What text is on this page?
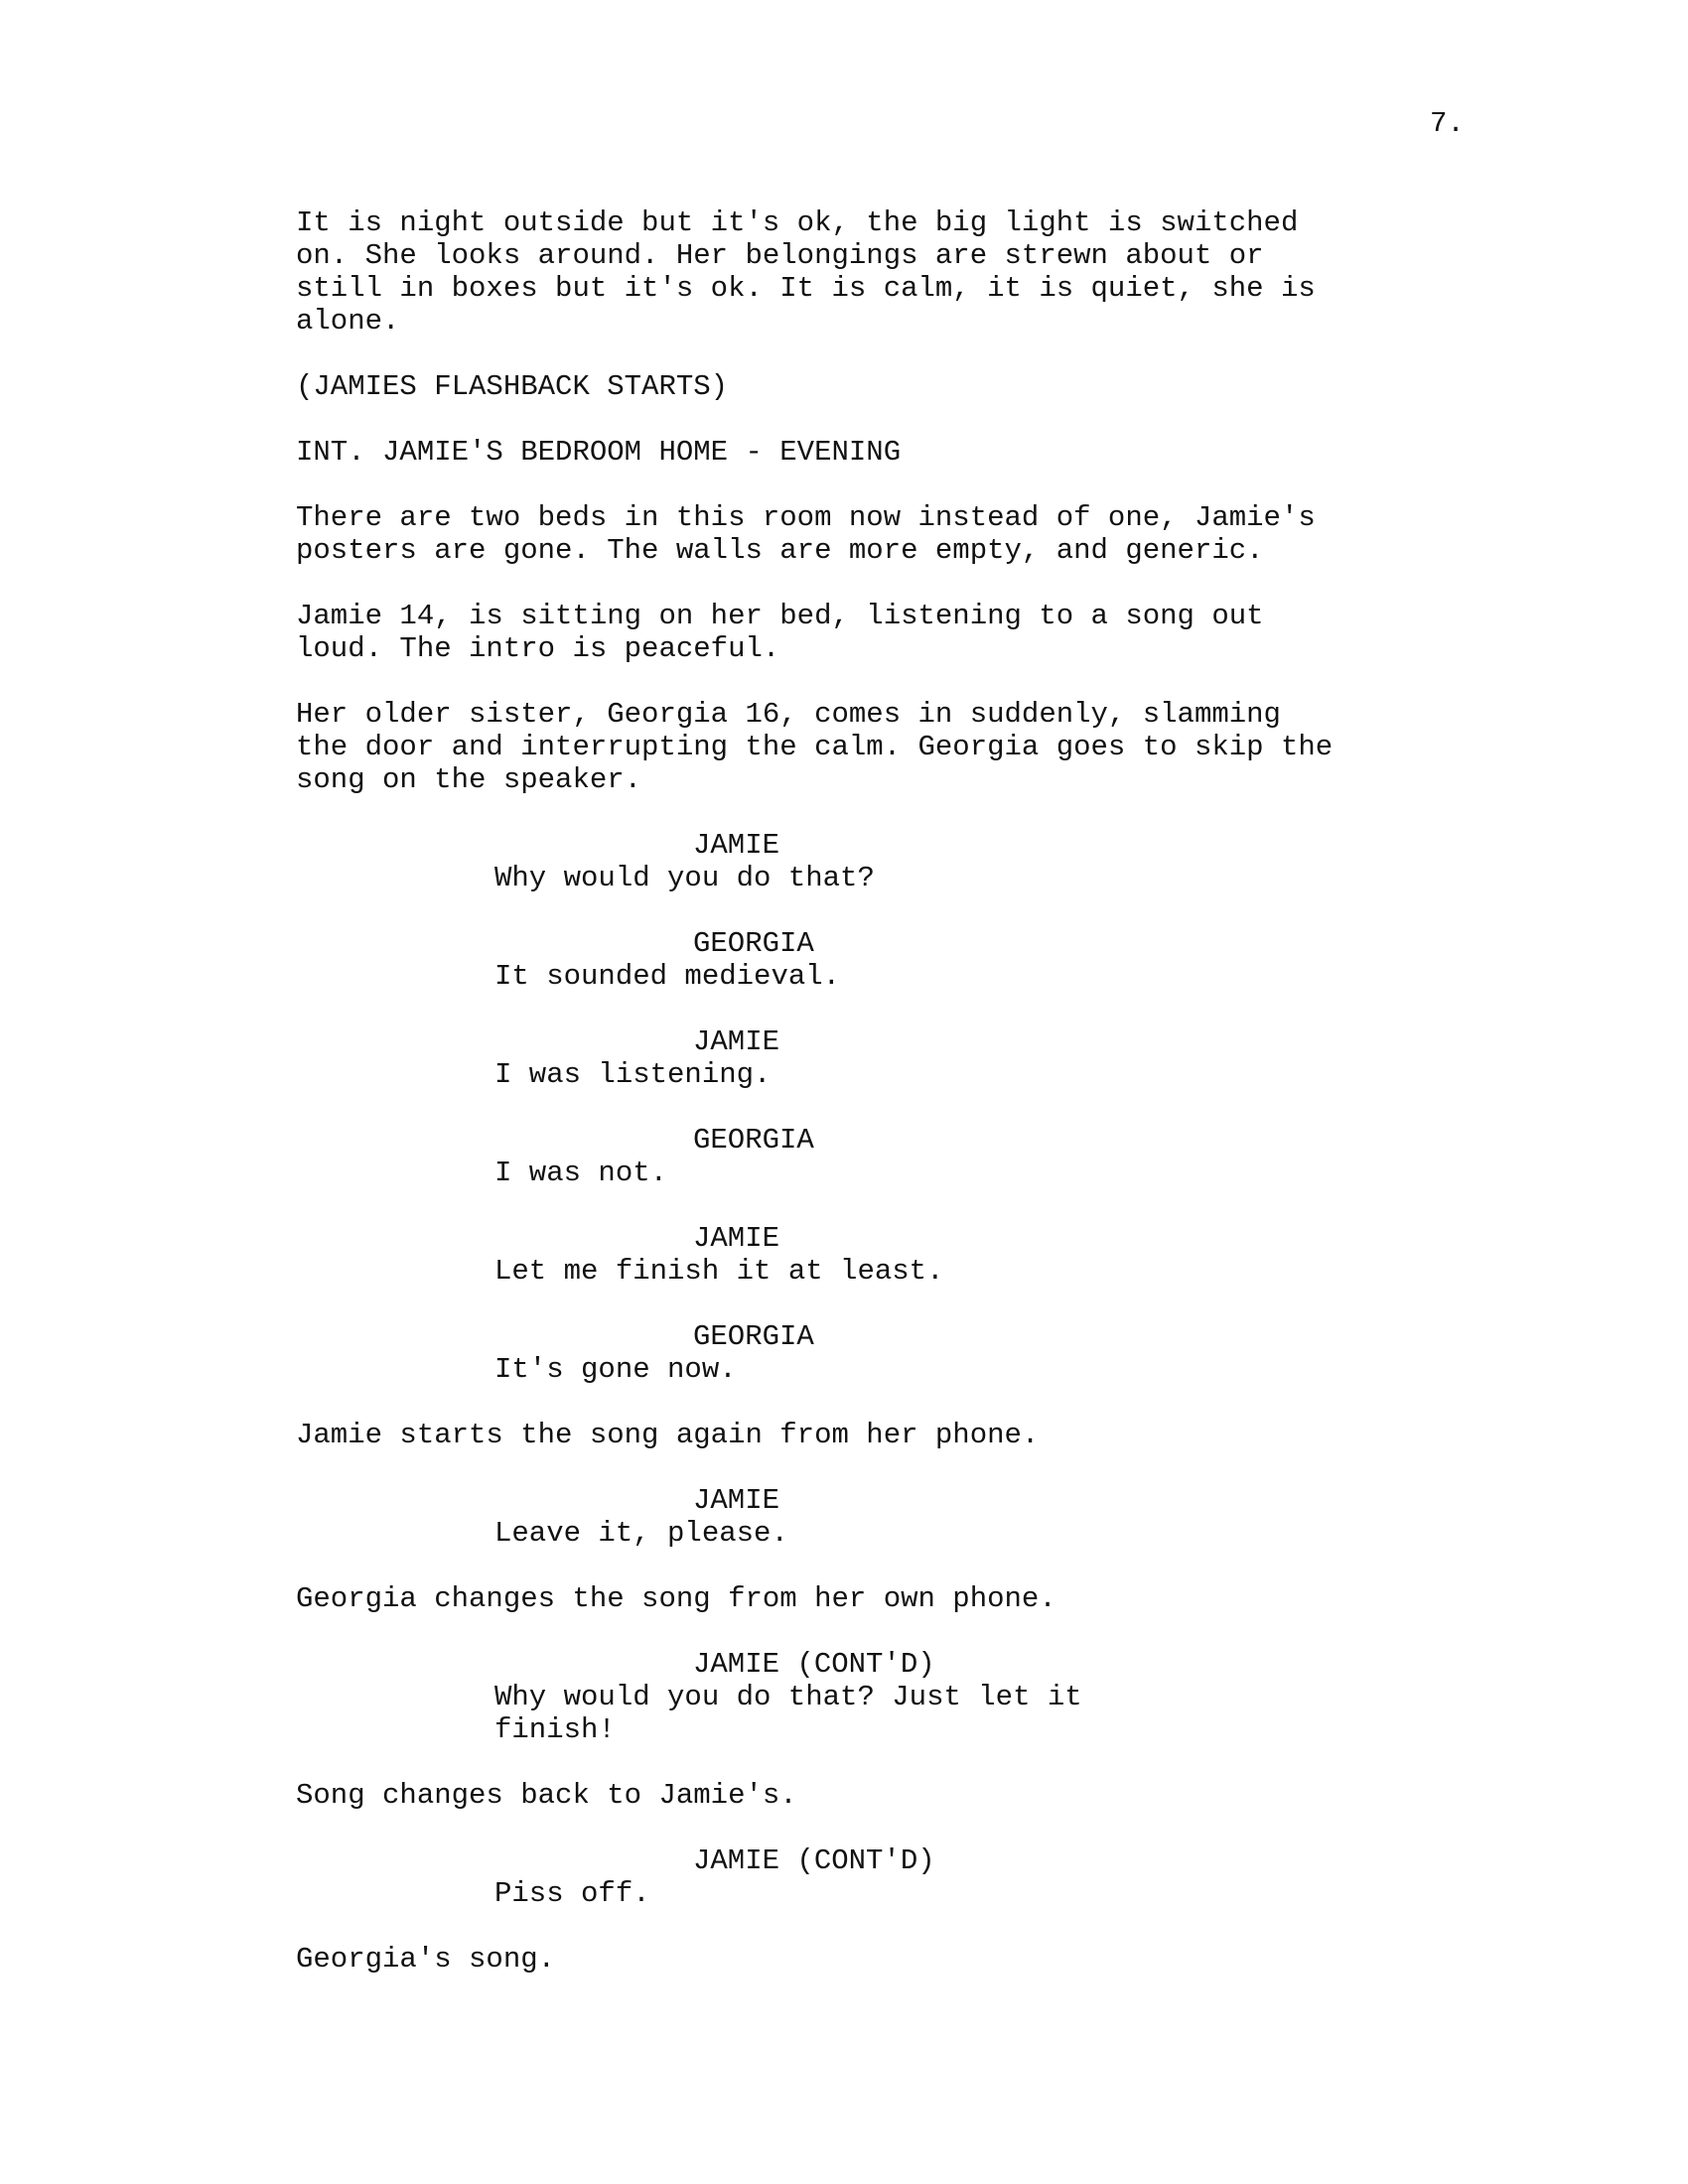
7.

It is night outside but it's ok, the big light is switched
on. She looks around. Her belongings are strewn about or
still in boxes but it's ok. It is calm, it is quiet, she is
alone.

(JAMIES FLASHBACK STARTS)

INT. JAMIE'S BEDROOM HOME - EVENING

There are two beds in this room now instead of one, Jamie's
posters are gone. The walls are more empty, and generic.

Jamie 14, is sitting on her bed, listening to a song out
loud. The intro is peaceful.

Her older sister, Georgia 16, comes in suddenly, slamming
the door and interrupting the calm. Georgia goes to skip the
song on the speaker.

JAMIE

Why would you do that?

GEORGIA

It sounded medieval.

JAMIE

I was listening.

GEORGIA

I was not.

JAMIE

Let me finish it at least.

GEORGIA

It's gone now.

Jamie starts the song again from her phone.

JAMIE

Leave it, please.

Georgia changes the song from her own phone.

JAMIE (CONT'D)

Why would you do that? Just let it
finish!

Song changes back to Jamie's.

JAMIE (CONT'D)

Piss off.

Georgia's song.
